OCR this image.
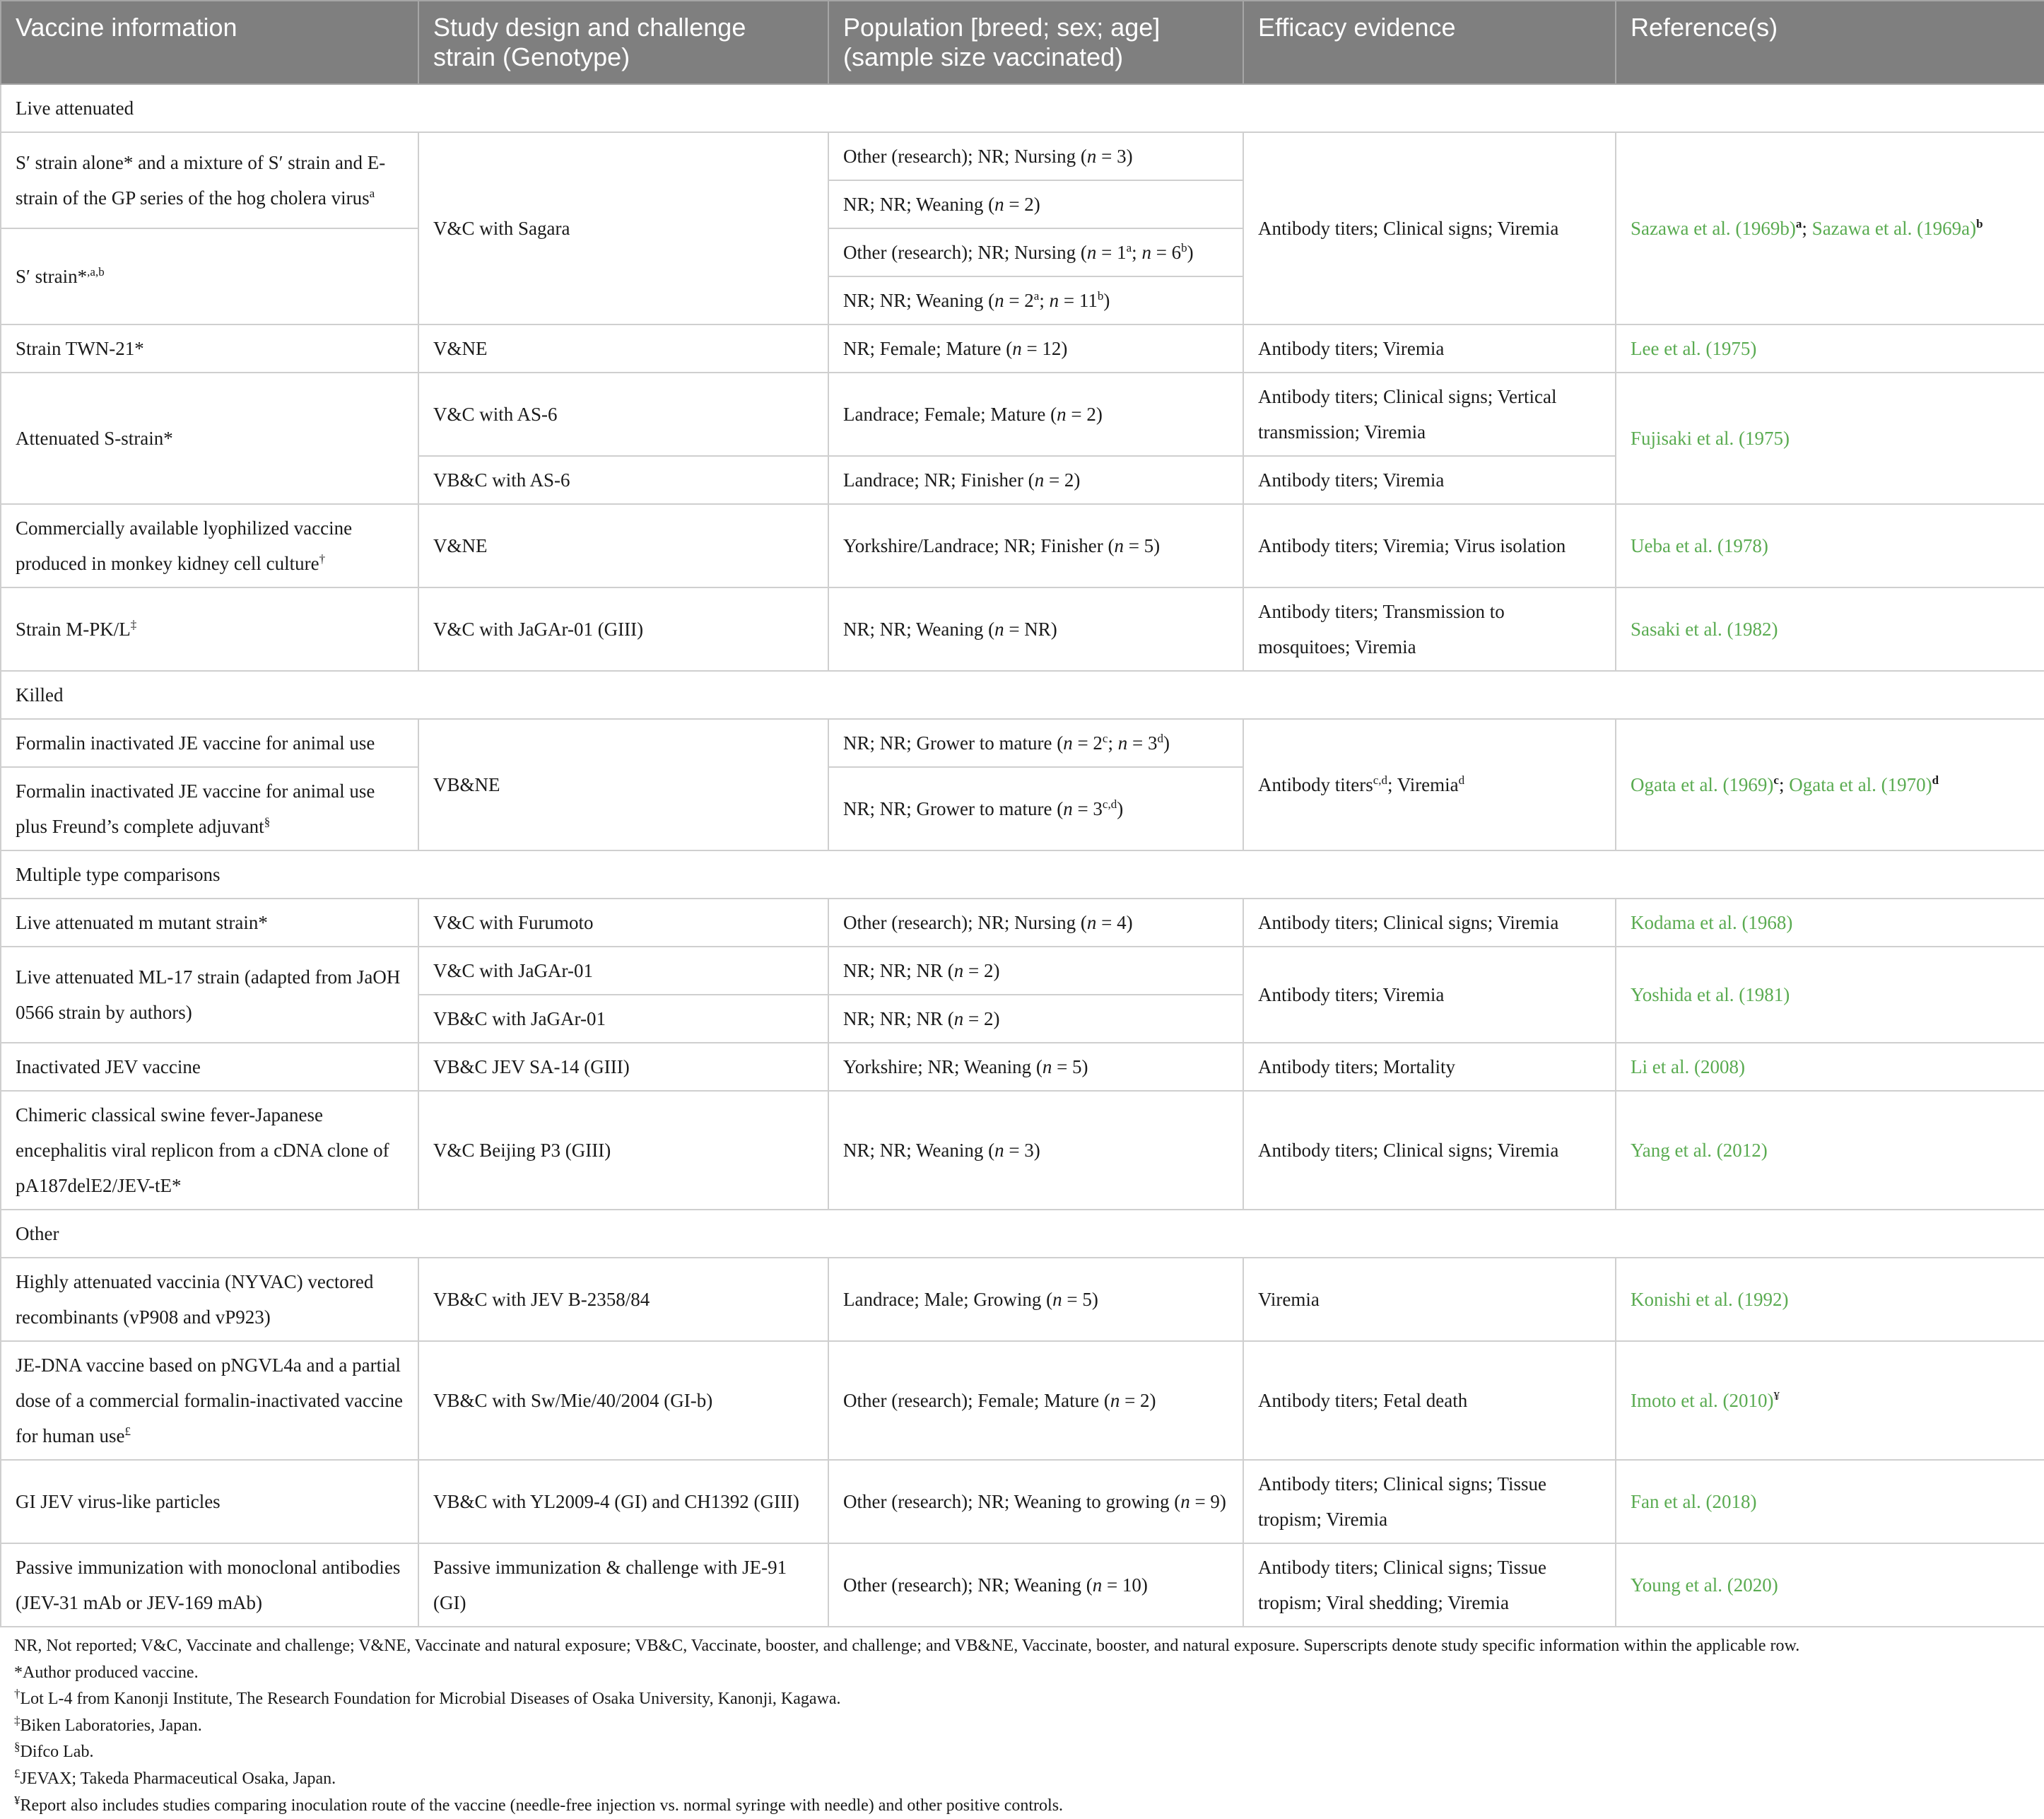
Vaccine information	Study design and challenge strain (Genotype)	Population [breed; sex; age] (sample size vaccinated)	Efficacy evidence	Reference(s)
Live attenuated				
S′ strain alone* and a mixture of S′ strain and E-strain of the GP series of the hog cholera virus$^a$	V&C with Sagara	Other (research); NR; Nursing (n = 3)	Antibody titers; Clinical signs; Viremia	Sazawa et al. $(1969b)^a$; Sazawa et al. $(1969a)^b$
		NR; NR; Weaning (n = 2)		
S′ strain*$^{,a,b}$		Other (research); NR; Nursing ($n = 1^a$; $n = 6^b$)		
		NR; NR; Weaning ($n = 2^a$; $n = 11^b$)		
Strain TWN-21*	V&NE	NR; Female; Mature (n = 12)	Antibody titers; Viremia	Lee et al. (1975)
Attenuated S-strain*	V&C with AS-6	Landrace; Female; Mature (n = 2)	Antibody titers; Clinical signs; Vertical transmission; Viremia	Fujisaki et al. (1975)
	VB&C with AS-6	Landrace; NR; Finisher (n = 2)	Antibody titers; Viremia	
Commercially available lyophilized vaccine produced in monkey kidney cell culture†	V&NE	Yorkshire/Landrace; NR; Finisher (n = 5)	Antibody titers; Viremia; Virus isolation	Ueba et al. (1978)
Strain M-PK/L‡	V&C with JaGAr-01 (GIII)	NR; NR; Weaning (n = NR)	Antibody titers; Transmission to mosquitoes; Viremia	Sasaki et al. (1982)
Killed				
Formalin inactivated JE vaccine for animal use	VB&NE	NR; NR; Grower to mature ($n = 2^c$; $n = 3^d$)	Antibody titers$^{c,d}$; Viremia$^d$	Ogata et al. $(1969)^c$; Ogata et al. $(1970)^d$
Formalin inactivated JE vaccine for animal use plus Freund’s complete adjuvant§		NR; NR; Grower to mature $(n = 3^{c,d})$		
Multiple type comparisons				
Live attenuated m mutant strain*	V&C with Furumoto	Other (research); NR; Nursing (n = 4)	Antibody titers; Clinical signs; Viremia	Kodama et al. (1968)
Live attenuated ML-17 strain (adapted from JaOH 0566 strain by authors)	V&C with JaGAr-01	NR; NR; NR (n = 2)	Antibody titers; Viremia	Yoshida et al. (1981)
	VB&C with JaGAr-01	NR; NR; NR (n = 2)		
Inactivated JEV vaccine	VB&C JEV SA-14 (GIII)	Yorkshire; NR; Weaning (n = 5)	Antibody titers; Mortality	Li et al. (2008)
Chimeric classical swine fever-Japanese encephalitis viral replicon from a cDNA clone of pA187delE2/JEV-tE*	V&C Beijing P3 (GIII)	NR; NR; Weaning (n = 3)	Antibody titers; Clinical signs; Viremia	Yang et al. (2012)
Other				
Highly attenuated vaccinia (NYVAC) vectored recombinants (vP908 and vP923)	VB&C with JEV B-2358/84	Landrace; Male; Growing (n = 5)	Viremia	Konishi et al. (1992)
JE-DNA vaccine based on pNGVL4a and a partial dose of a commercial formalin-inactivated vaccine for human use£	VB&C with Sw/Mie/40/2004 (GI-b)	Other (research); Female; Mature (n = 2)	Antibody titers; Fetal death	Imoto et al. (2010)¥
GI JEV virus-like particles	VB&C with YL2009-4 (GI) and CH1392 (GIII)	Other (research); NR; Weaning to growing (n = 9)	Antibody titers; Clinical signs; Tissue tropism; Viremia	Fan et al. (2018)
Passive immunization with monoclonal antibodies (JEV-31 mAb or JEV-169 mAb)	Passive immunization & challenge with JE-91 (GI)	Other (research); NR; Weaning (n = 10)	Antibody titers; Clinical signs; Tissue tropism; Viral shedding; Viremia	Young et al. (2020)
NR, Not reported; V&C, Vaccinate and challenge; V&NE, Vaccinate and natural exposure; VB&C, Vaccinate, booster, and challenge; and VB&NE, Vaccinate, booster, and natural exposure. Superscripts denote study specific information within the applicable row.
*Author produced vaccine.
†Lot L-4 from Kanonji Institute, The Research Foundation for Microbial Diseases of Osaka University, Kanonji, Kagawa.
‡Biken Laboratories, Japan.
§Difco Lab.
£JEVAX; Takeda Pharmaceutical Osaka, Japan.
¥Report also includes studies comparing inoculation route of the vaccine (needle-free injection vs. normal syringe with needle) and other positive controls.
